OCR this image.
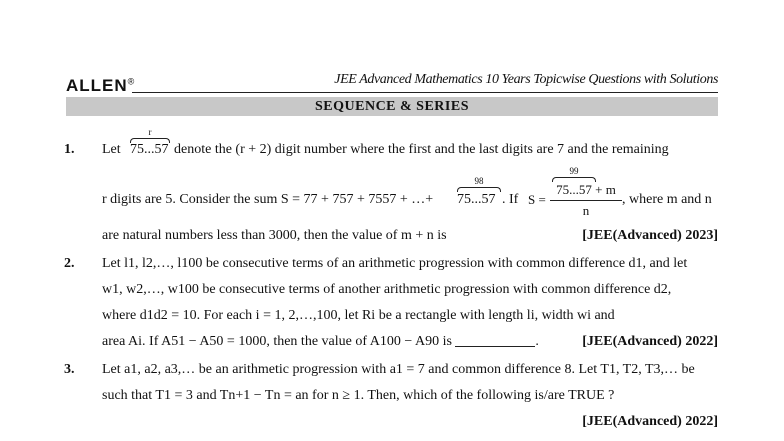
ALLEN®	JEE Advanced Mathematics 10 Years Topicwise Questions with Solutions
SEQUENCE & SERIES
1. Let
r
75...57 denote the (r + 2) digit number where the first and the last digits are 7 and the remaining
r digits are 5. Consider the sum S = 77 + 757 + 7557 + …+
98
75...57 . If S =
99
75...57 + m
n
, where m and n
are natural numbers less than 3000, then the value of m + n is	[JEE(Advanced) 2023]
2. Let l1, l2,…, l100 be consecutive terms of an arithmetic progression with common difference d1, and let
w1, w2,…, w100 be consecutive terms of another arithmetic progression with common difference d2,
where d1d2 = 10. For each i = 1, 2,…,100, let Ri be a rectangle with length li, width wi and
area Ai. If A51 − A50 = 1000, then the value of A100 − A90 is	.	[JEE(Advanced) 2022]
3. Let a1, a2, a3,… be an arithmetic progression with a1 = 7 and common difference 8. Let T1, T2, T3,… be
such that T1 = 3 and Tn+1 − Tn = an for n ≥ 1. Then, which of the following is/are TRUE ?
[JEE(Advanced) 2022]
